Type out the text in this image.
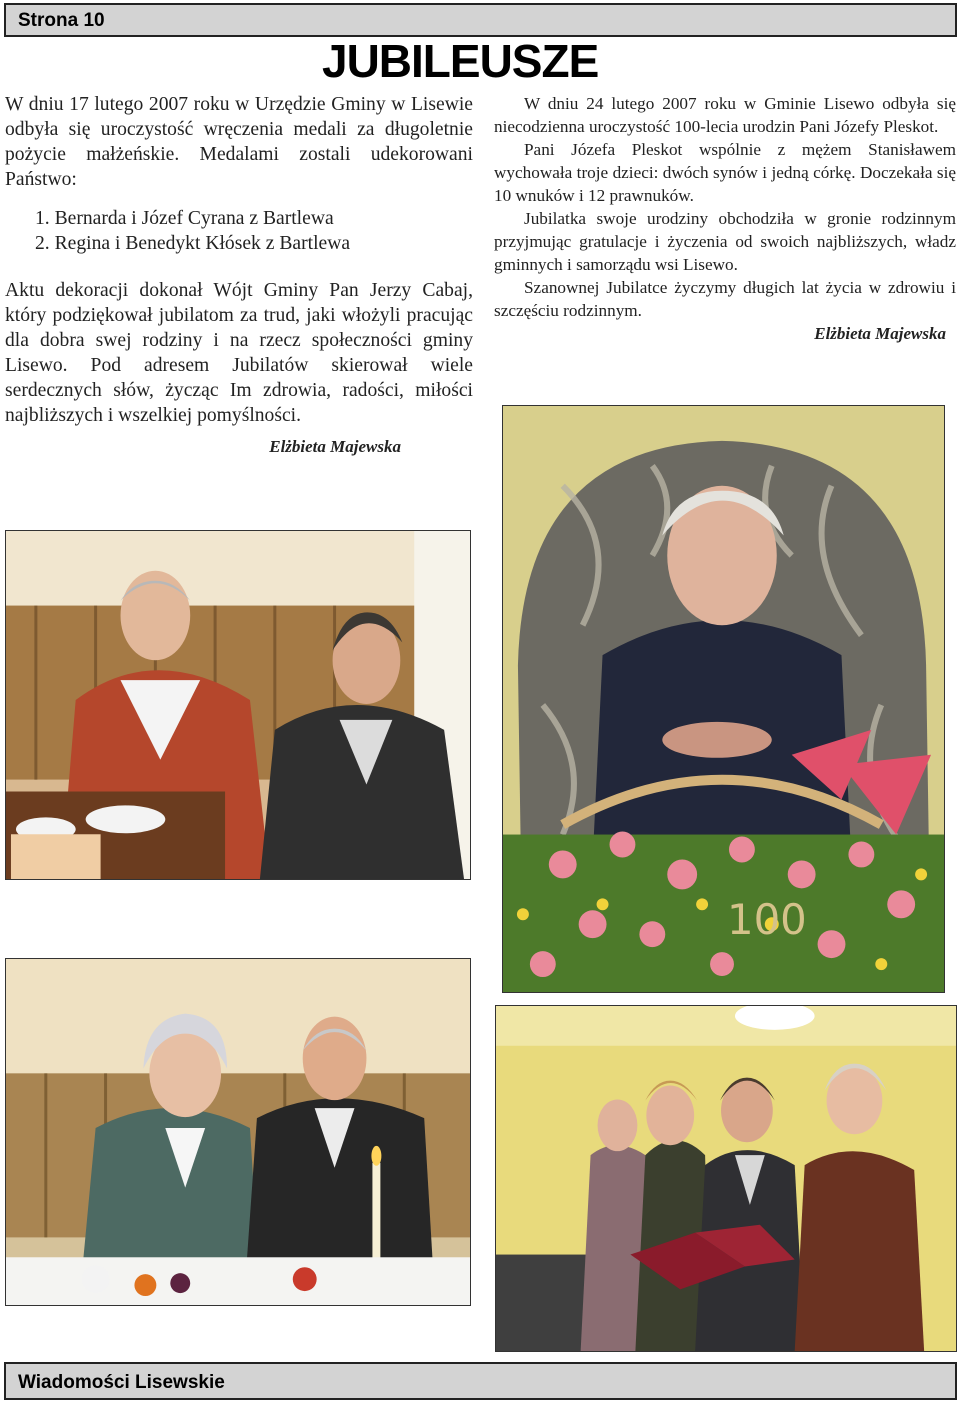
Strona 10
JUBILEUSZE

W dniu 17 lutego 2007 roku w Urzędzie Gminy w Lisewie odbyła się uroczystość wręczenia medali za długoletnie pożycie małżeńskie. Medalami zostali udekorowani Państwo:

1. Bernarda i Józef Cyrana z Bartlewa
2. Regina i Benedykt Kłósek z Bartlewa

Aktu dekoracji dokonał Wójt Gminy Pan Jerzy Cabaj, który podziękował jubilatom za trud, jaki włożyli pracując dla dobra swej rodziny i na rzecz społeczności gminy Lisewo. Pod adresem Jubilatów skierował wiele serdecznych słów, życząc Im zdrowia, radości, miłości najbliższych i wszelkiej pomyślności.

Elżbieta Majewska

W dniu 24 lutego 2007 roku w Gminie Lisewo odbyła się niecodzienna uroczystość 100-lecia urodzin Pani Józefy Pleskot.

Pani Józefa Pleskot wspólnie z mężem Stanisławem wychowała troje dzieci: dwóch synów i jedną córkę. Doczekała się 10 wnuków i 12 prawnuków.

Jubilatka swoje urodziny obchodziła w gronie rodzinnym przyjmując gratulacje i życzenia od swoich najbliższych, władz gminnych i samorządu wsi Lisewo.

Szanownej Jubilatce życzymy długich lat życia w zdrowiu i szczęściu rodzinnym.

Elżbieta Majewska
100
Wiadomości Lisewskie
